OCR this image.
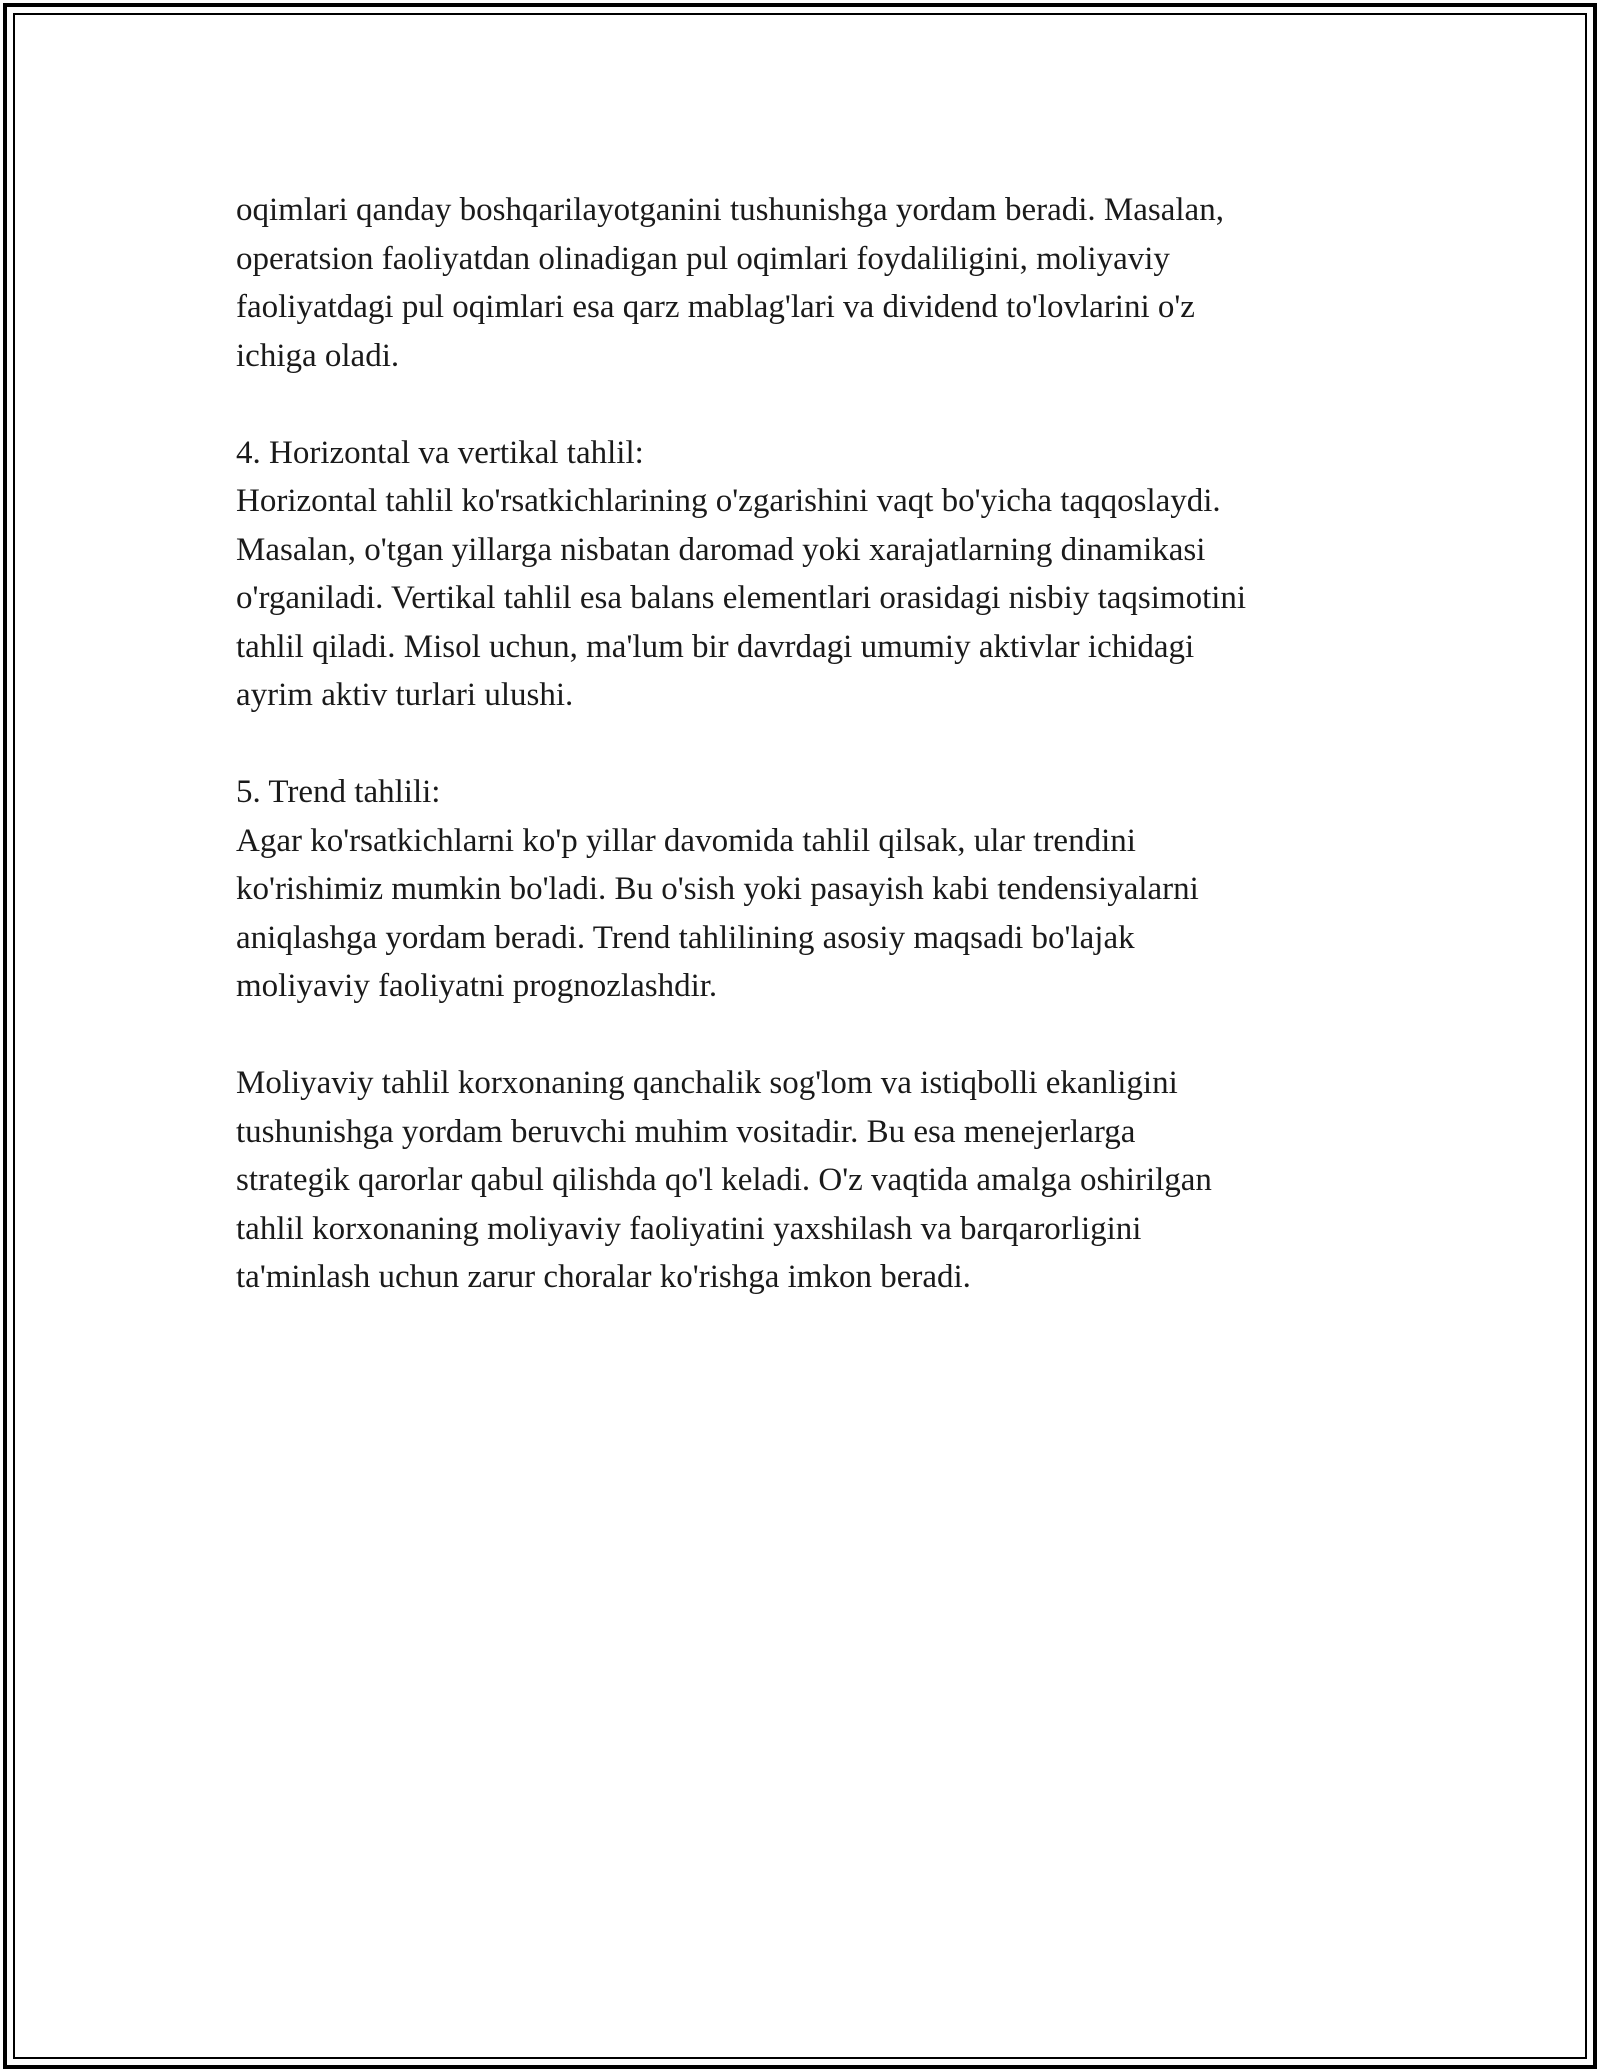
oqimlari qanday boshqarilayotganini tushunishga yordam beradi. Masalan,
operatsion faoliyatdan olinadigan pul oqimlari foydaliligini, moliyaviy
faoliyatdagi pul oqimlari esa qarz mablag'lari va dividend to'lovlarini o'z
ichiga oladi.
4. Horizontal va vertikal tahlil:
Horizontal tahlil ko'rsatkichlarining o'zgarishini vaqt bo'yicha taqqoslaydi.
Masalan, o'tgan yillarga nisbatan daromad yoki xarajatlarning dinamikasi
o'rganiladi. Vertikal tahlil esa balans elementlari orasidagi nisbiy taqsimotini
tahlil qiladi. Misol uchun, ma'lum bir davrdagi umumiy aktivlar ichidagi
ayrim aktiv turlari ulushi.
5. Trend tahlili:
Agar ko'rsatkichlarni ko'p yillar davomida tahlil qilsak, ular trendini
ko'rishimiz mumkin bo'ladi. Bu o'sish yoki pasayish kabi tendensiyalarni
aniqlashga yordam beradi. Trend tahlilining asosiy maqsadi bo'lajak
moliyaviy faoliyatni prognozlashdir.
Moliyaviy tahlil korxonaning qanchalik sog'lom va istiqbolli ekanligini
tushunishga yordam beruvchi muhim vositadir. Bu esa menejerlarga
strategik qarorlar qabul qilishda qo'l keladi. O'z vaqtida amalga oshirilgan
tahlil korxonaning moliyaviy faoliyatini yaxshilash va barqarorligini
ta'minlash uchun zarur choralar ko'rishga imkon beradi.
